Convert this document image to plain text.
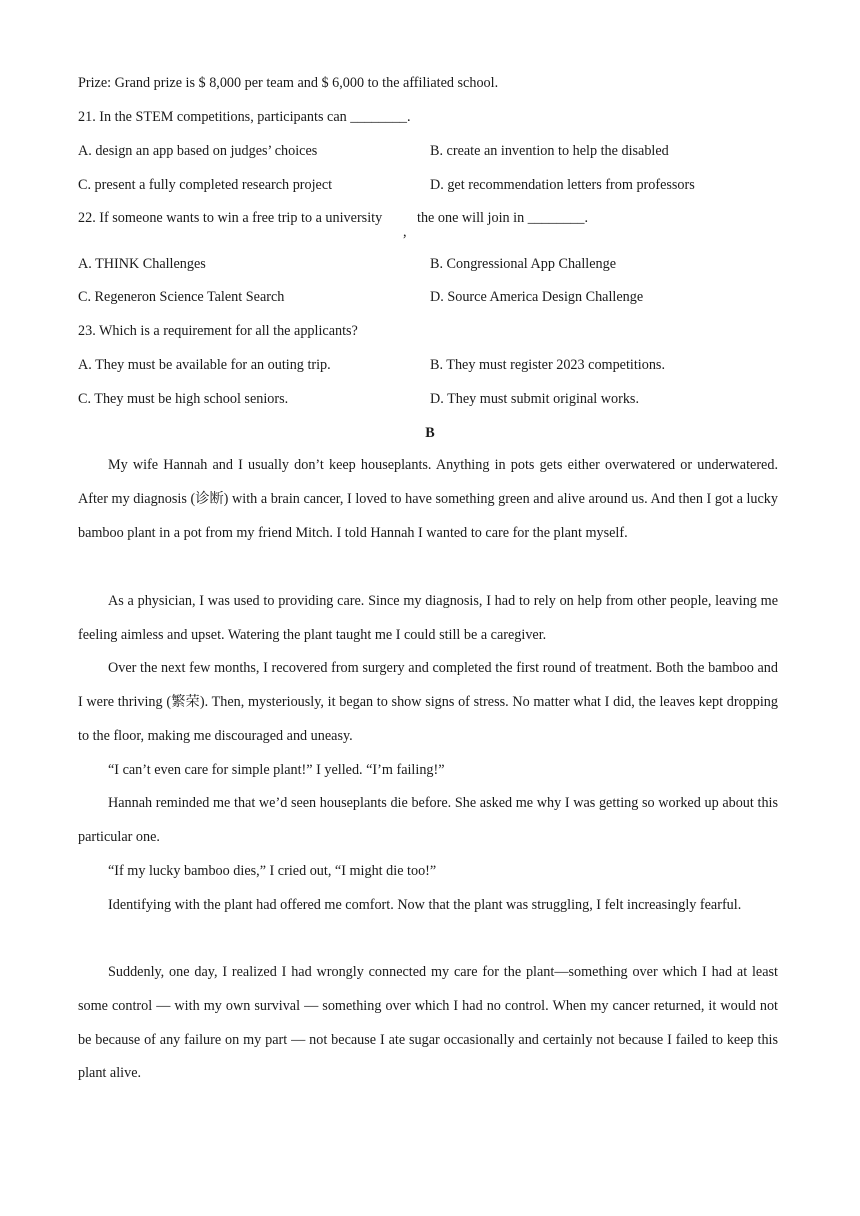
Prize: Grand prize is $ 8,000 per team and $ 6,000 to the affiliated school.
21. In the STEM competitions, participants can ________.
A. design an app based on judges’ choices	B. create an invention to help the disabled
C. present a fully completed research project	D. get recommendation letters from professors
22. If someone wants to win a free trip to a university
,
the one will join in ________.
A. THINK Challenges	B. Congressional App Challenge
C. Regeneron Science Talent Search	D. Source America Design Challenge
23. Which is a requirement for all the applicants?
A. They must be available for an outing trip.	B. They must register 2023 competitions.
C. They must be high school seniors.	D. They must submit original works.
B
My wife Hannah and I usually don’t keep houseplants. Anything in pots gets either overwatered or underwatered. After my diagnosis (诊断) with a brain cancer, I loved to have something green and alive around us. And then I got a lucky bamboo plant in a pot from my friend Mitch. I told Hannah I wanted to care for the plant myself.
As a physician, I was used to providing care. Since my diagnosis, I had to rely on help from other people, leaving me feeling aimless and upset. Watering the plant taught me I could still be a caregiver.
Over the next few months, I recovered from surgery and completed the first round of treatment. Both the bamboo and I were thriving (繁荣). Then, mysteriously, it began to show signs of stress. No matter what I did, the leaves kept dropping to the floor, making me discouraged and uneasy.
“I can’t even care for simple plant!” I yelled. “I’m failing!”
Hannah reminded me that we’d seen houseplants die before. She asked me why I was getting so worked up about this particular one.
“If my lucky bamboo dies,” I cried out, “I might die too!”
Identifying with the plant had offered me comfort. Now that the plant was struggling, I felt increasingly fearful.
Suddenly, one day, I realized I had wrongly connected my care for the plant—something over which I had at least some control — with my own survival — something over which I had no control. When my cancer returned, it would not be because of any failure on my part — not because I ate sugar occasionally and certainly not because I failed to keep this plant alive.
